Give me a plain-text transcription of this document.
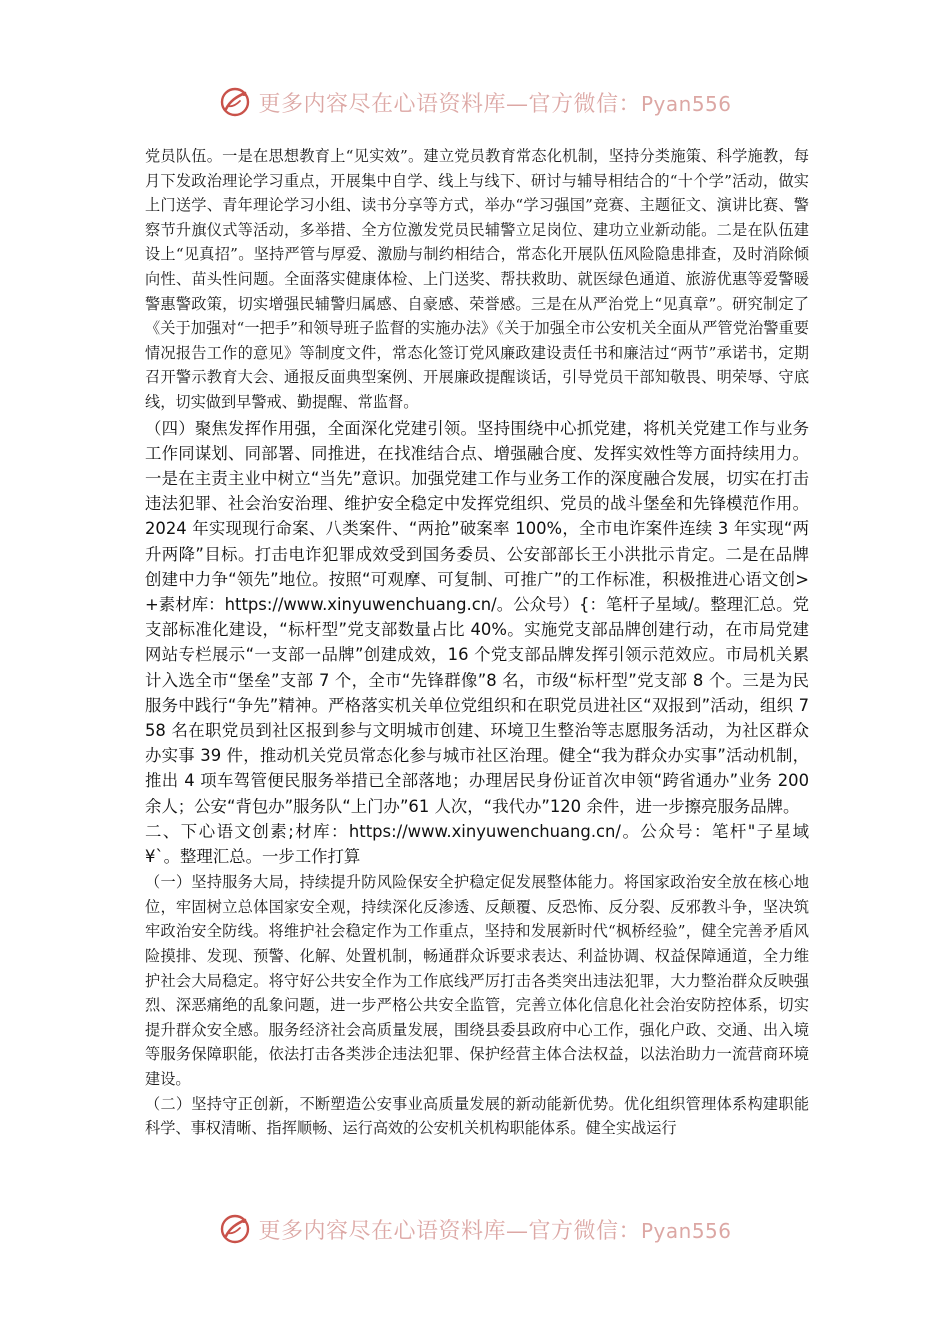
更多内容尽在心语资料库—官方微信：Pyan556

党员队伍。一是在思想教育上“见实效”。建立党员教育常态化机制，坚持分类施策、科学施教，每月下发政治理论学习重点，开展集中自学、线上与线下、研讨与辅导相结合的“十个学”活动，做实上门送学、青年理论学习小组、读书分享等方式，举办“学习强国”竞赛、主题征文、演讲比赛、警察节升旗仪式等活动，多举措、全方位激发党员民辅警立足岗位、建功立业新动能。二是在队伍建设上“见真招”。坚持严管与厚爱、激励与制约相结合，常态化开展队伍风险隐患排查，及时消除倾向性、苗头性问题。全面落实健康体检、上门送奖、帮扶救助、就医绿色通道、旅游优惠等爱警暖警惠警政策，切实增强民辅警归属感、自豪感、荣誉感。三是在从严治党上“见真章”。研究制定了《关于加强对“一把手”和领导班子监督的实施办法》《关于加强全市公安机关全面从严管党治警重要情况报告工作的意见》等制度文件，常态化签订党风廉政建设责任书和廉洁过“两节”承诺书，定期召开警示教育大会、通报反面典型案例、开展廉政提醒谈话，引导党员干部知敬畏、明荣辱、守底线，切实做到早警戒、勤提醒、常监督。

（四）聚焦发挥作用强，全面深化党建引领。坚持围绕中心抓党建，将机关党建工作与业务工作同谋划、同部署、同推进，在找准结合点、增强融合度、发挥实效性等方面持续用力。一是在主责主业中树立“当先”意识。加强党建工作与业务工作的深度融合发展，切实在打击违法犯罪、社会治安治理、维护安全稳定中发挥党组织、党员的战斗堡垒和先锋模范作用。2024 年实现现行命案、八类案件、“两抢”破案率 100%，全市电诈案件连续 3 年实现“两升两降”目标。打击电诈犯罪成效受到国务委员、公安部部长王小洪批示肯定。二是在品牌创建中力争“领先”地位。按照“可观摩、可复制、可推广”的工作标准，积极推进心语文创>+素材库：https://www.xinyuwenchuang.cn/。公众号）{：笔杆子星域/。整理汇总。党支部标准化建设，“标杆型”党支部数量占比 40%。实施党支部品牌创建行动，在市局党建网站专栏展示“一支部一品牌”创建成效，16 个党支部品牌发挥引领示范效应。市局机关累计入选全市“堡垒”支部 7 个，全市“先锋群像”8 名，市级“标杆型”党支部 8 个。三是为民服务中践行“争先”精神。严格落实机关单位党组织和在职党员进社区“双报到”活动，组织 758 名在职党员到社区报到参与文明城市创建、环境卫生整治等志愿服务活动，为社区群众办实事 39 件，推动机关党员常态化参与城市社区治理。健全“我为群众办实事”活动机制，推出 4 项车驾管便民服务举措已全部落地；办理居民身份证首次申领“跨省通办”业务 200 余人；公安“背包办”服务队“上门办”61 人次，“我代办”120 余件，进一步擦亮服务品牌。

二、下心语文创素;材库：https://www.xinyuwenchuang.cn/。公众号：笔杆"子星域¥`。整理汇总。一步工作打算

（一）坚持服务大局，持续提升防风险保安全护稳定促发展整体能力。将国家政治安全放在核心地位，牢固树立总体国家安全观，持续深化反渗透、反颠覆、反恐怖、反分裂、反邪教斗争，坚决筑牢政治安全防线。将维护社会稳定作为工作重点，坚持和发展新时代“枫桥经验”，健全完善矛盾风险摸排、发现、预警、化解、处置机制，畅通群众诉要求表达、利益协调、权益保障通道，全力维护社会大局稳定。将守好公共安全作为工作底线严厉打击各类突出违法犯罪，大力整治群众反映强烈、深恶痛绝的乱象问题，进一步严格公共安全监管，完善立体化信息化社会治安防控体系，切实提升群众安全感。服务经济社会高质量发展，围绕县委县政府中心工作，强化户政、交通、出入境等服务保障职能，依法打击各类涉企违法犯罪、保护经营主体合法权益，以法治助力一流营商环境建设。

（二）坚持守正创新，不断塑造公安事业高质量发展的新动能新优势。优化组织管理体系构建职能科学、事权清晰、指挥顺畅、运行高效的公安机关机构职能体系。健全实战运行

更多内容尽在心语资料库—官方微信：Pyan556
